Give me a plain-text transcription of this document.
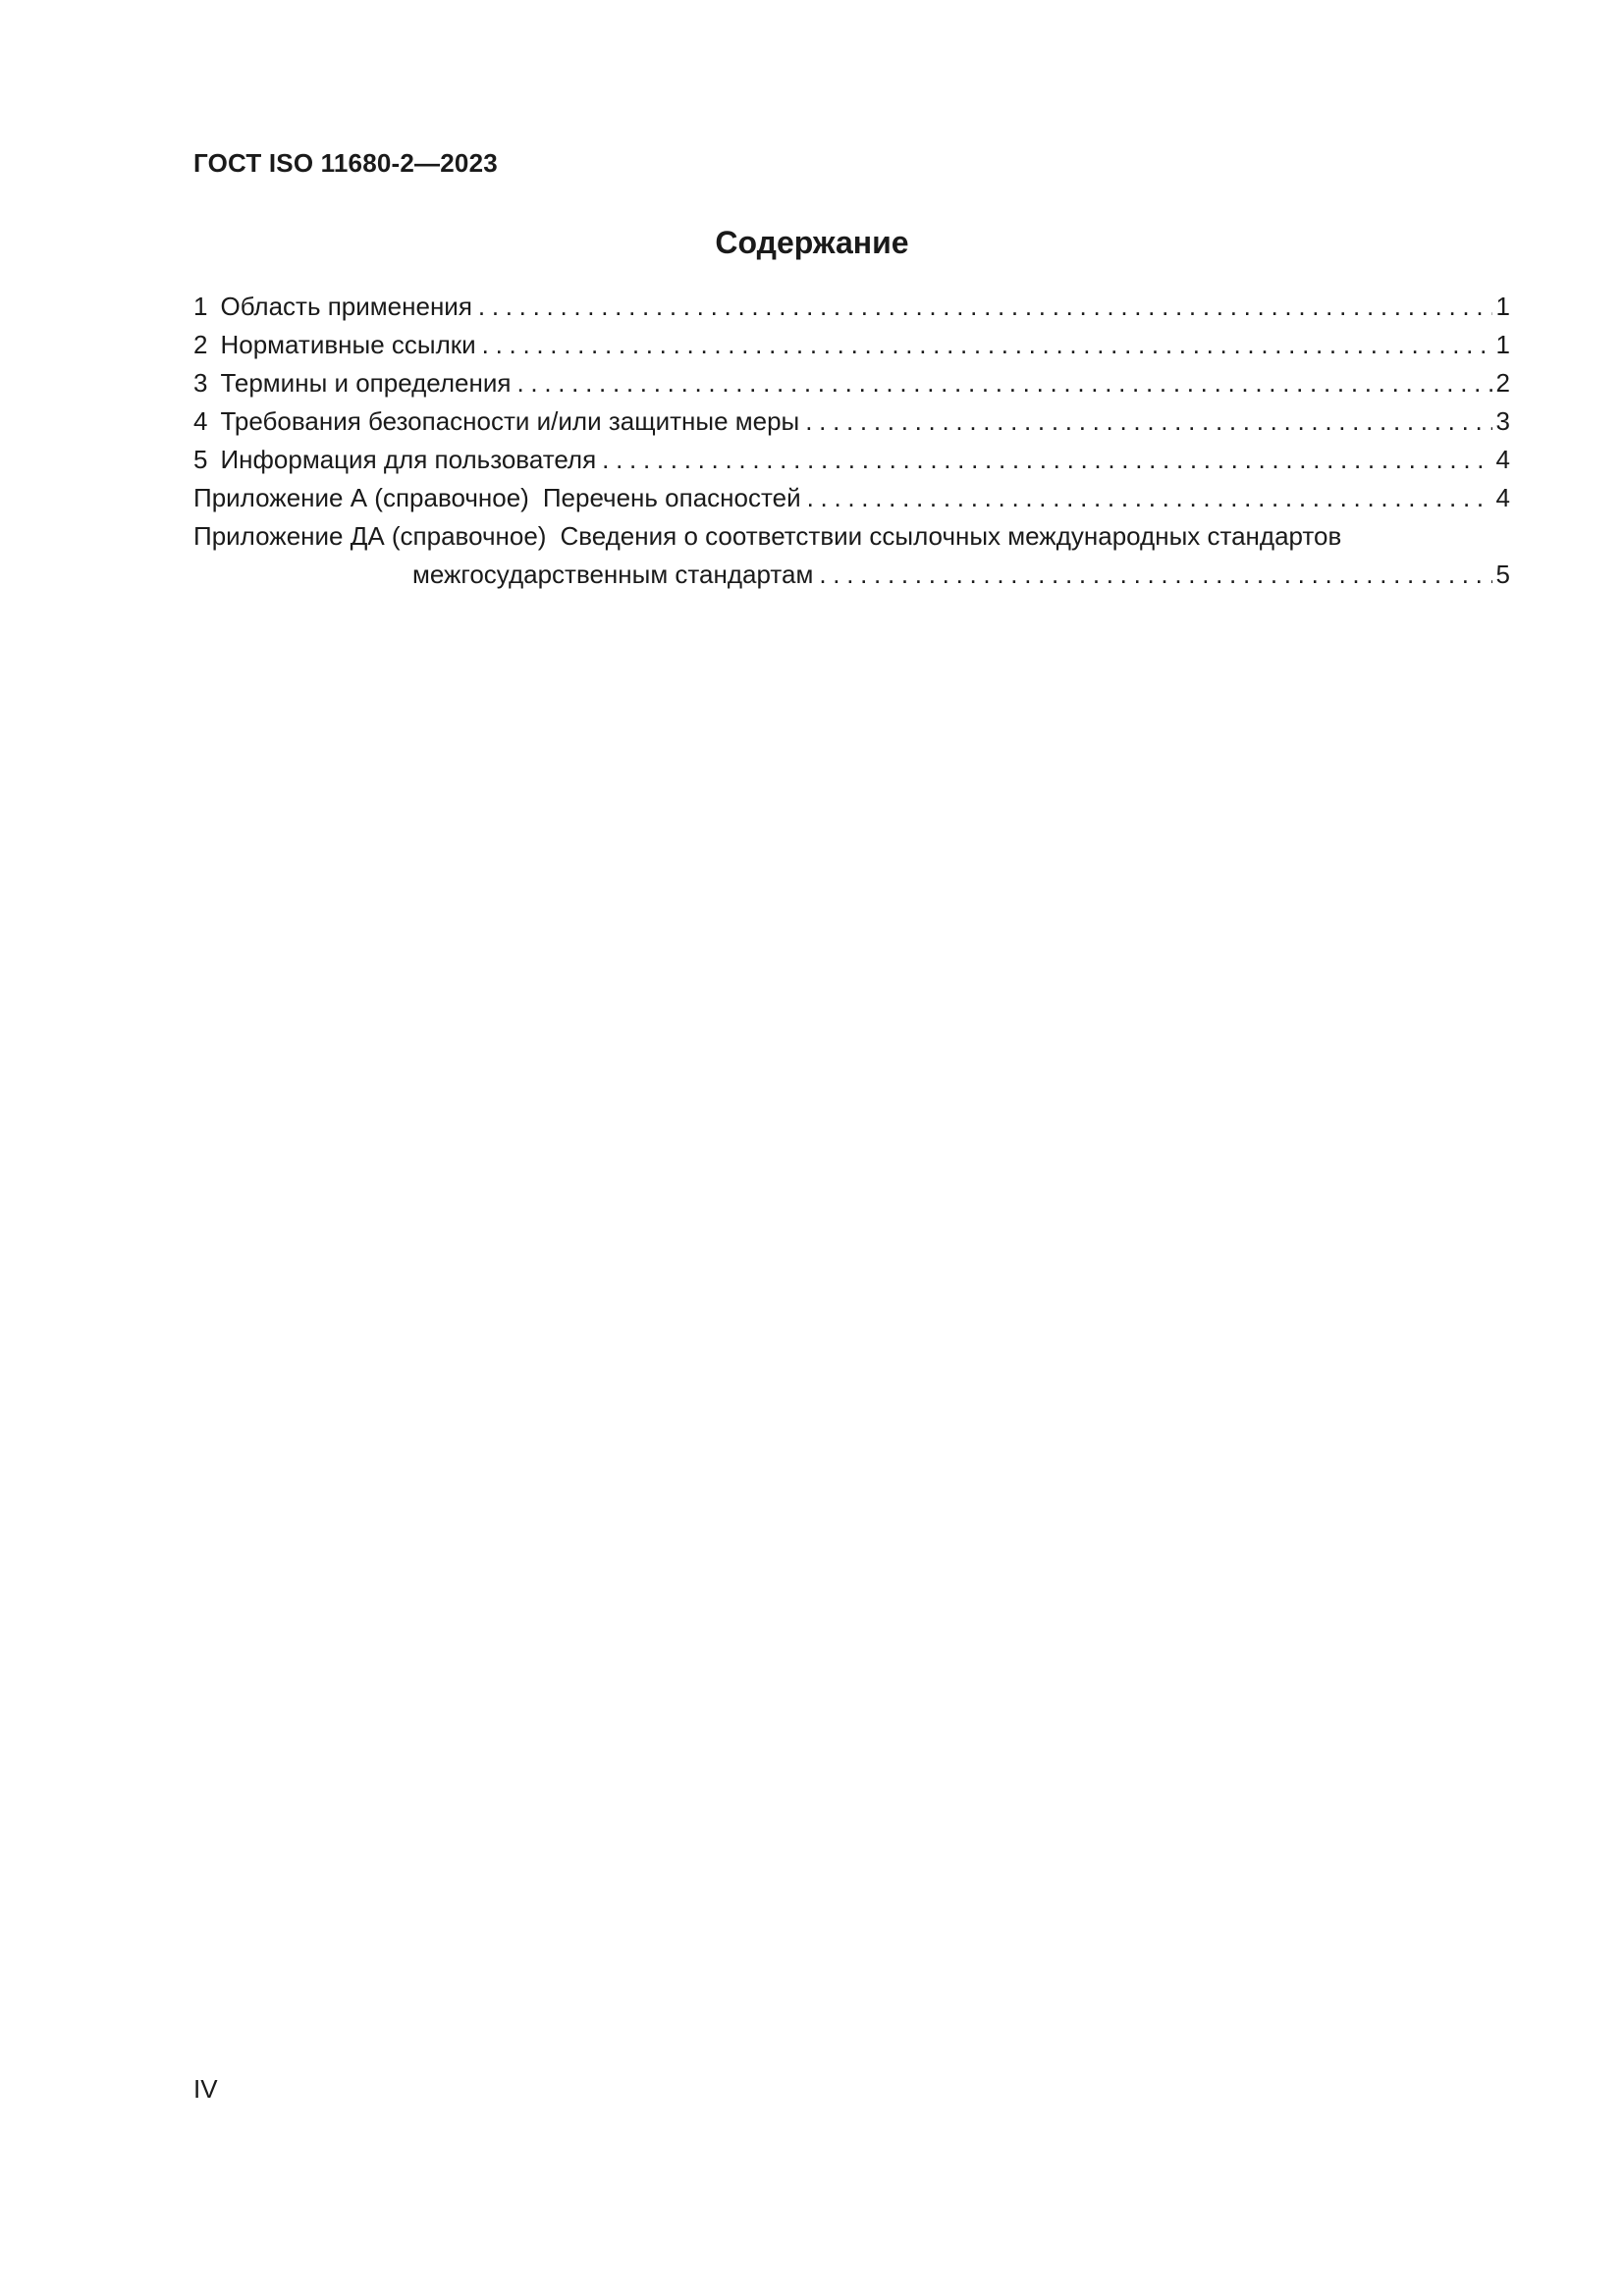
ГОСТ ISO 11680-2—2023
Содержание
1 Область применения .....	1
2 Нормативные ссылки .....	1
3 Термины и определения .....	2
4 Требования безопасности и/или защитные меры .....	3
5 Информация для пользователя .....	4
Приложение А (справочное) Перечень опасностей .....	4
Приложение ДА (справочное) Сведения о соответствии ссылочных международных стандартов
межгосударственным стандартам .....	5
IV
